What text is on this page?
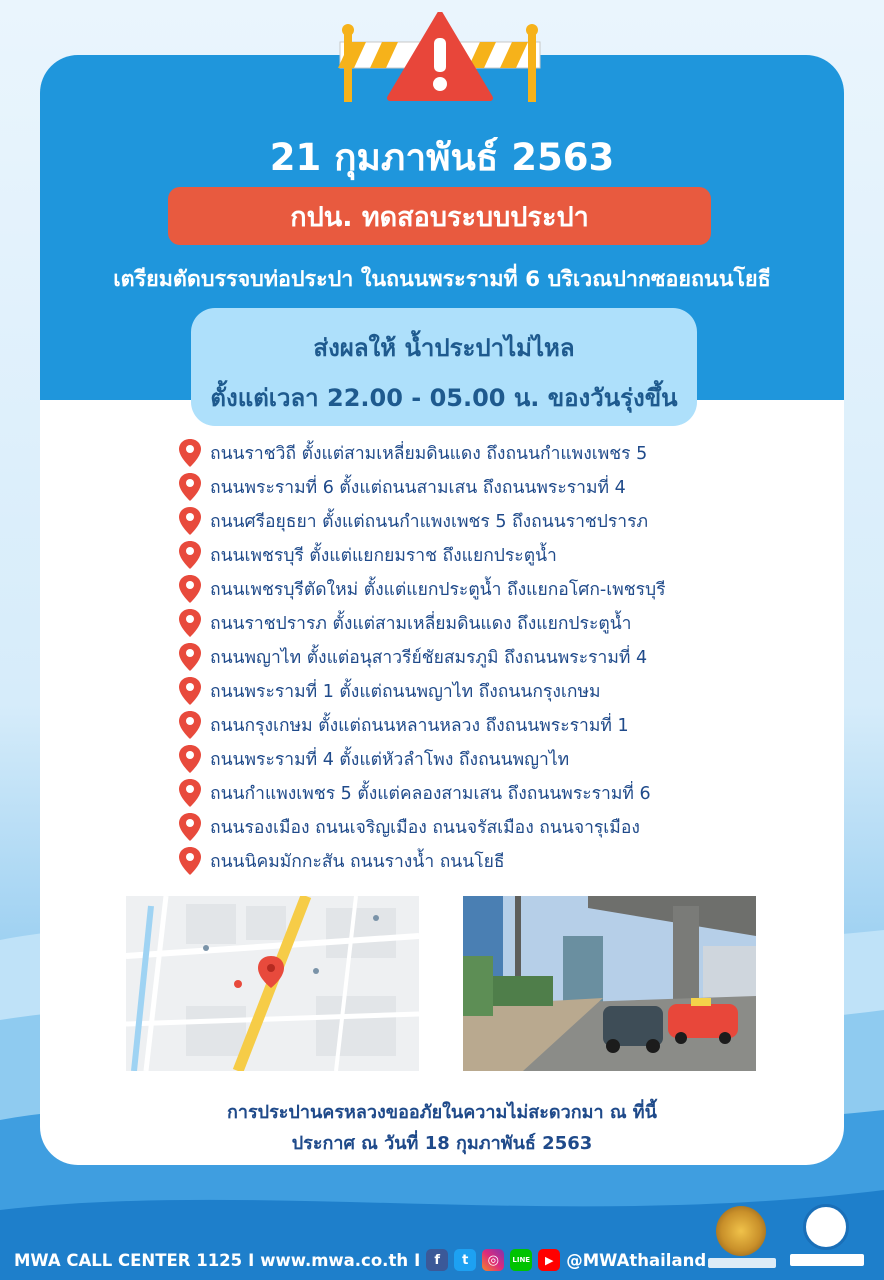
21 กุมภาพันธ์ 2563
กปน. ทดสอบระบบประปา
เตรียมตัดบรรจบท่อประปา ในถนนพระรามที่ 6 บริเวณปากซอยถนนโยธี
ส่งผลให้ น้ำประปาไม่ไหล
ตั้งแต่เวลา 22.00 - 05.00 น. ของวันรุ่งขึ้น
ถนนราชวิถี ตั้งแต่สามเหลี่ยมดินแดง ถึงถนนกำแพงเพชร 5
ถนนพระรามที่ 6 ตั้งแต่ถนนสามเสน ถึงถนนพระรามที่ 4
ถนนศรีอยุธยา ตั้งแต่ถนนกำแพงเพชร 5 ถึงถนนราชปรารภ
ถนนเพชรบุรี ตั้งแต่แยกยมราช ถึงแยกประตูน้ำ
ถนนเพชรบุรีตัดใหม่ ตั้งแต่แยกประตูน้ำ ถึงแยกอโศก-เพชรบุรี
ถนนราชปรารภ ตั้งแต่สามเหลี่ยมดินแดง ถึงแยกประตูน้ำ
ถนนพญาไท ตั้งแต่อนุสาวรีย์ชัยสมรภูมิ ถึงถนนพระรามที่ 4
ถนนพระรามที่ 1 ตั้งแต่ถนนพญาไท ถึงถนนกรุงเกษม
ถนนกรุงเกษม ตั้งแต่ถนนหลานหลวง ถึงถนนพระรามที่ 1
ถนนพระรามที่ 4 ตั้งแต่หัวลำโพง ถึงถนนพญาไท
ถนนกำแพงเพชร 5 ตั้งแต่คลองสามเสน ถึงถนนพระรามที่ 6
ถนนรองเมือง ถนนเจริญเมือง ถนนจรัสเมือง ถนนจารุเมือง
ถนนนิคมมักกะสัน ถนนรางน้ำ ถนนโยธี
การประปานครหลวงขออภัยในความไม่สะดวกมา ณ ที่นี้
ประกาศ ณ วันที่ 18 กุมภาพันธ์ 2563
MWA CALL CENTER 1125 I www.mwa.co.th I	f	t	◎	LINE	▶ @MWAthailand
